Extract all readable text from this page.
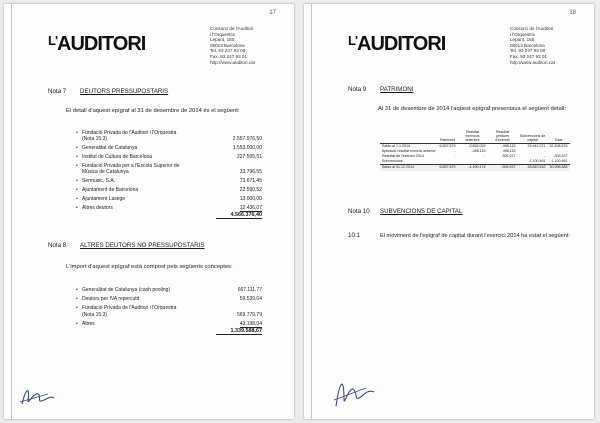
17
$^{L'}$AUDITORI
Consorci de l'Auditori
i l'Orquestra
Lepant, 150
08013 Barcelona
Tel. 93 247 93 00
Fax. 93 247 93 01
http://www.auditori.cat
Nota 7 DEUTORS PRESSUPOSTARIS
El detall d'aquest epígraf al 31 de desembre de 2014 és el següent:
• Fundació Privada de l'Auditori i l'Orquestra
(Nota 15.3)	2.557.976,50
• Generalitat de Catalunya	1.553.000,00
• Institut de Cultura de Barcelona	227.505,51
• Fundació Privada per a l'Escola Superior de
Música de Catalunya	33.796,55
• Sermusic, S.A.	73.671,45
• Ajuntament de Barcelona	22.590,52
• Ajuntament Lasege	13.000,00
• Altres deutors	12.436,07
4.566.376,40
Nota 8 ALTRES DEUTORS NO PRESSUPOSTARIS
L'import d'aquest epígraf està compost pels següents conceptes:
• Generalitat de Catalunya (cash pooling)	667.111,77
• Deutors per IVA repercutit	59.539,04
• Fundació Privada de l'Auditori i l'Orquestra
(Nota 15.3)	569.779,79
• Altres	43.198,04
1.339.588,67
18
$^{L'}$AUDITORI
Consorci de l'Auditori
i l'Orquestra
Lepant, 150
08013 Barcelona
Tel. 93 247 93 00
Fax. 93 247 93 01
http://www.auditori.cat
Nota 9 PATRIMONI
Al 31 de desembre de 2014 l'aquest epígraf presentava el següent detall:
	Patrimoni	Resultat exercicis anteriors	Resultat pèrdues d'exercici	Subvencions de capital	Total
Saldo al 1.1.2014	6.657.679	-3.692.059	-498.115	29.941.071	32.408.576
Aplicació resultat exercici anterior	-	-498.115	498.115	-	-
Resultat de l'exercici 2014	-	-	-309.227	-	-309.227
Subvencions				-1.100.461	-1.100.461
Saldo al 31.12.2014	6.657.679	-4.190.174	-309.227	28.840.610	30.998.888
Nota 10 SUBVENCIONS DE CAPITAL
10.1	El moviment de l'epígraf de capital durant l'exercici 2014 ha estat el següent:
